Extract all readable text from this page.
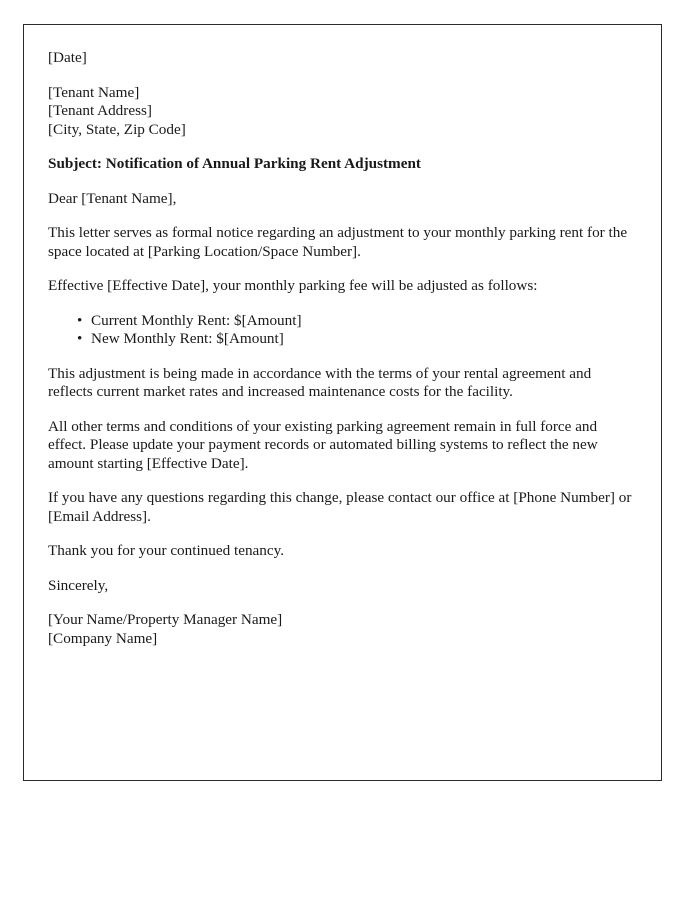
[Date]

[Tenant Name]

[Tenant Address]

[City, State, Zip Code]

Subject: Notification of Annual Parking Rent Adjustment

Dear [Tenant Name],

This letter serves as formal notice regarding an adjustment to your monthly parking rent for the space located at [Parking Location/Space Number].

Effective [Effective Date], your monthly parking fee will be adjusted as follows:

• Current Monthly Rent: $[Amount]
• New Monthly Rent: $[Amount]

This adjustment is being made in accordance with the terms of your rental agreement and reflects current market rates and increased maintenance costs for the facility.

All other terms and conditions of your existing parking agreement remain in full force and effect. Please update your payment records or automated billing systems to reflect the new amount starting [Effective Date].

If you have any questions regarding this change, please contact our office at [Phone Number] or [Email Address].

Thank you for your continued tenancy.

Sincerely,

[Your Name/Property Manager Name]

[Company Name]
